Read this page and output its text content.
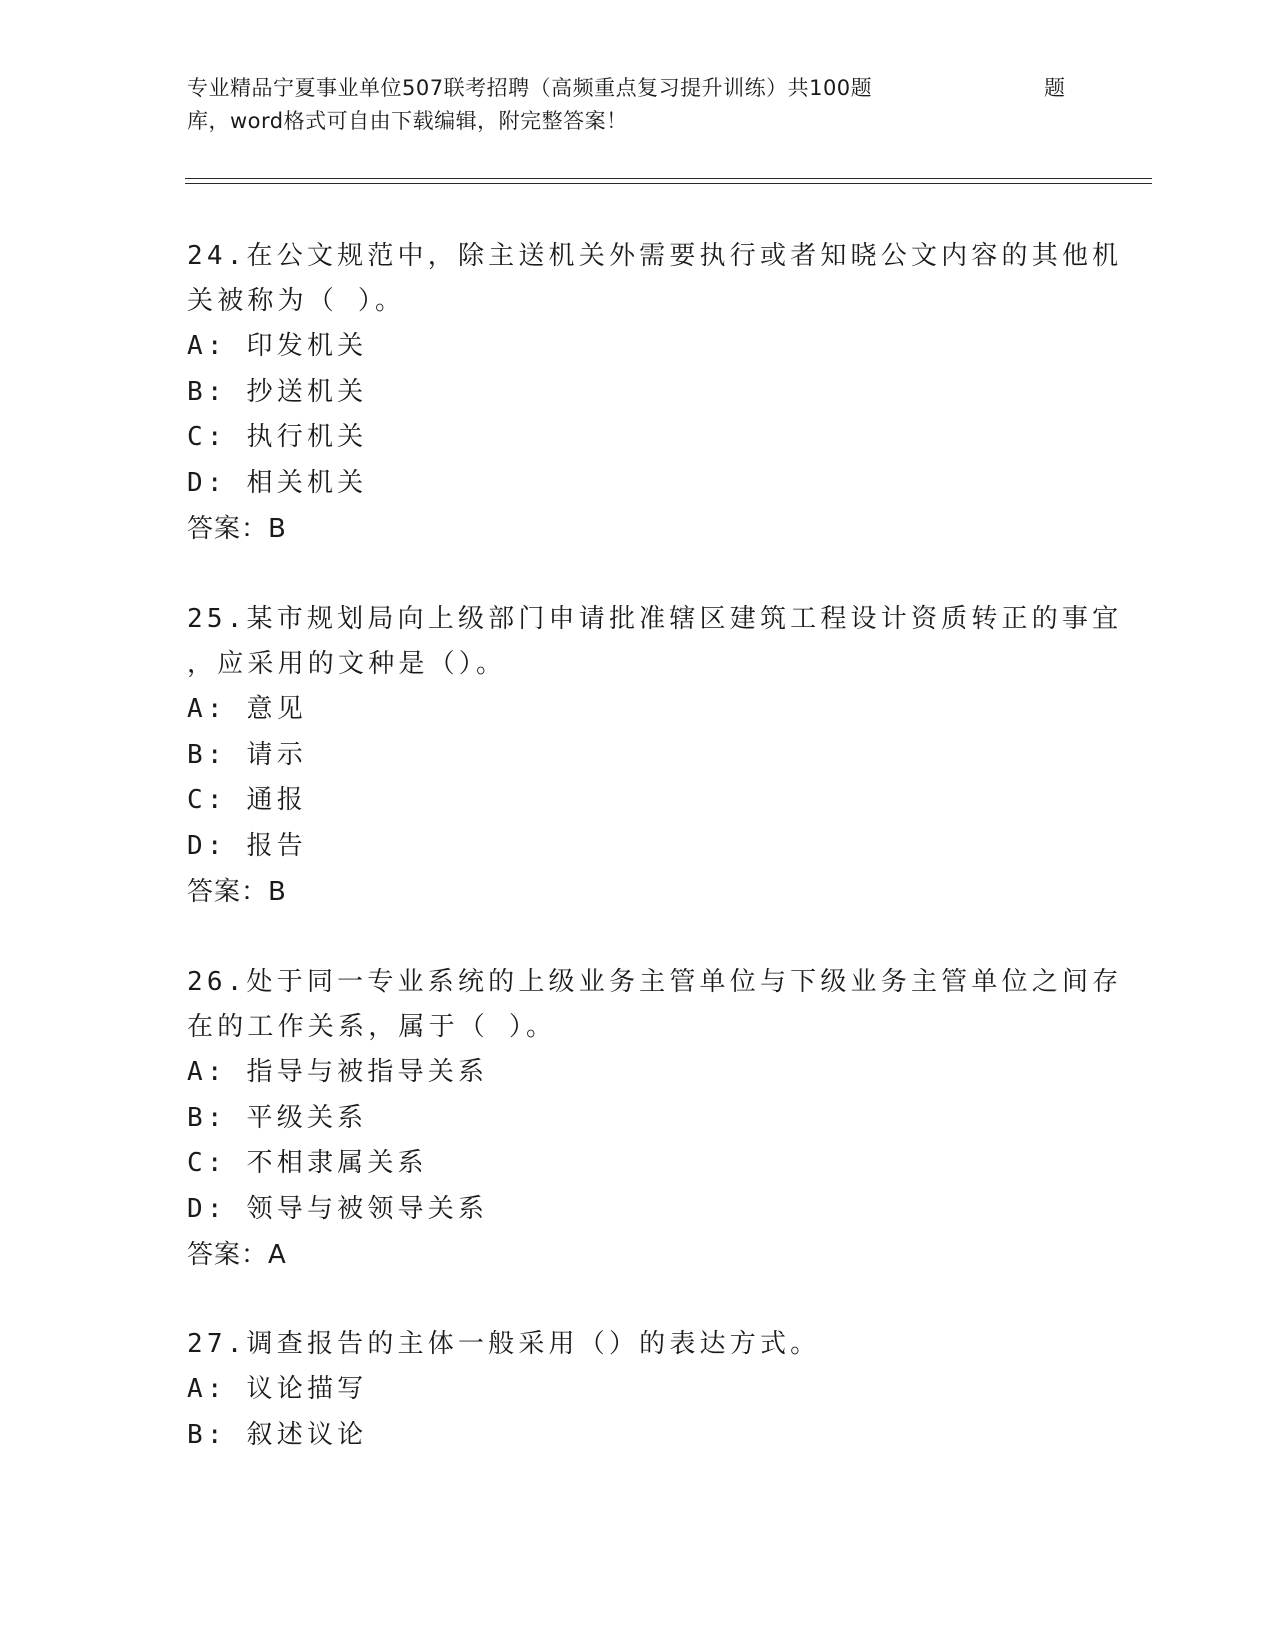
专业精品宁夏事业单位507联考招聘（高频重点复习提升训练）共100题	题
库，word格式可自由下载编辑，附完整答案！
24.在公文规范中，除主送机关外需要执行或者知晓公文内容的其他机
关被称为（ ）。
A: 印发机关
B: 抄送机关
C: 执行机关
D: 相关机关
答案：B
25.某市规划局向上级部门申请批准辖区建筑工程设计资质转正的事宜
，应采用的文种是（）。
A: 意见
B: 请示
C: 通报
D: 报告
答案：B
26.处于同一专业系统的上级业务主管单位与下级业务主管单位之间存
在的工作关系，属于（ ）。
A: 指导与被指导关系
B: 平级关系
C: 不相隶属关系
D: 领导与被领导关系
答案：A
27.调查报告的主体一般采用（）的表达方式。
A: 议论描写
B: 叙述议论
